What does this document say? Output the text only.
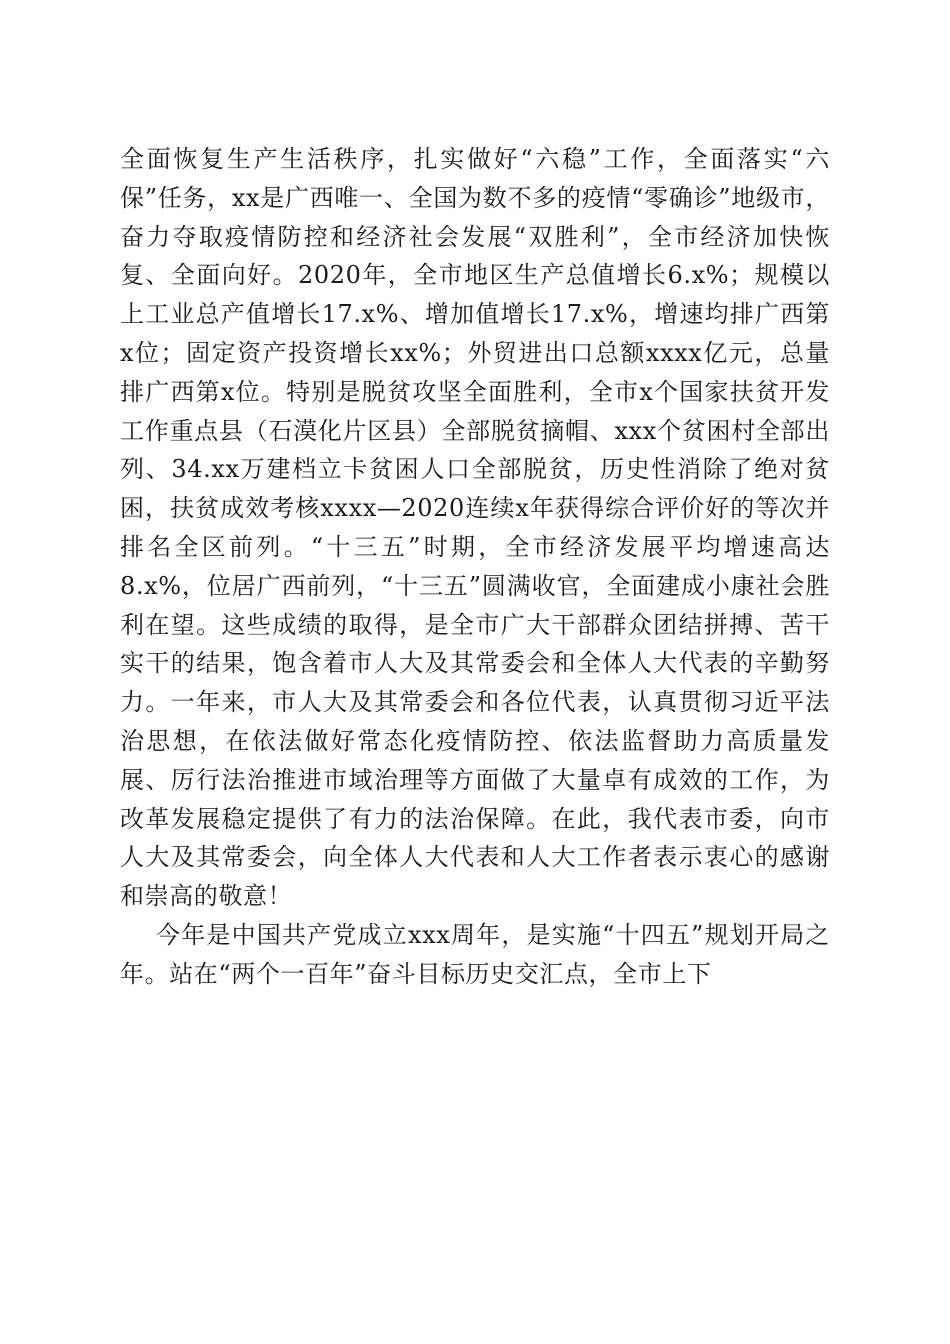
全面恢复生产生活秩序，扎实做好“六稳”工作，全面落实“六保”任务，xx是广西唯一、全国为数不多的疫情“零确诊”地级市，奋力夺取疫情防控和经济社会发展“双胜利”，全市经济加快恢复、全面向好。2020年，全市地区生产总值增长6.x%；规模以上工业总产值增长17.x%、增加值增长17.x%，增速均排广西第x位；固定资产投资增长xx%；外贸进出口总额xxxx亿元，总量排广西第x位。特别是脱贫攻坚全面胜利，全市x个国家扶贫开发工作重点县（石漠化片区县）全部脱贫摘帽、xxx个贫困村全部出列、34.xx万建档立卡贫困人口全部脱贫，历史性消除了绝对贫困，扶贫成效考核xxxx—2020连续x年获得综合评价好的等次并排名全区前列。“十三五”时期，全市经济发展平均增速高达8.x%，位居广西前列，“十三五”圆满收官，全面建成小康社会胜利在望。这些成绩的取得，是全市广大干部群众团结拼搏、苦干实干的结果，饱含着市人大及其常委会和全体人大代表的辛勤努力。一年来，市人大及其常委会和各位代表，认真贯彻习近平法治思想，在依法做好常态化疫情防控、依法监督助力高质量发展、厉行法治推进市域治理等方面做了大量卓有成效的工作，为改革发展稳定提供了有力的法治保障。在此，我代表市委，向市人大及其常委会，向全体人大代表和人大工作者表示衷心的感谢和崇高的敬意！

今年是中国共产党成立xxx周年，是实施“十四五”规划开局之年。站在“两个一百年”奋斗目标历史交汇点，全市上下
